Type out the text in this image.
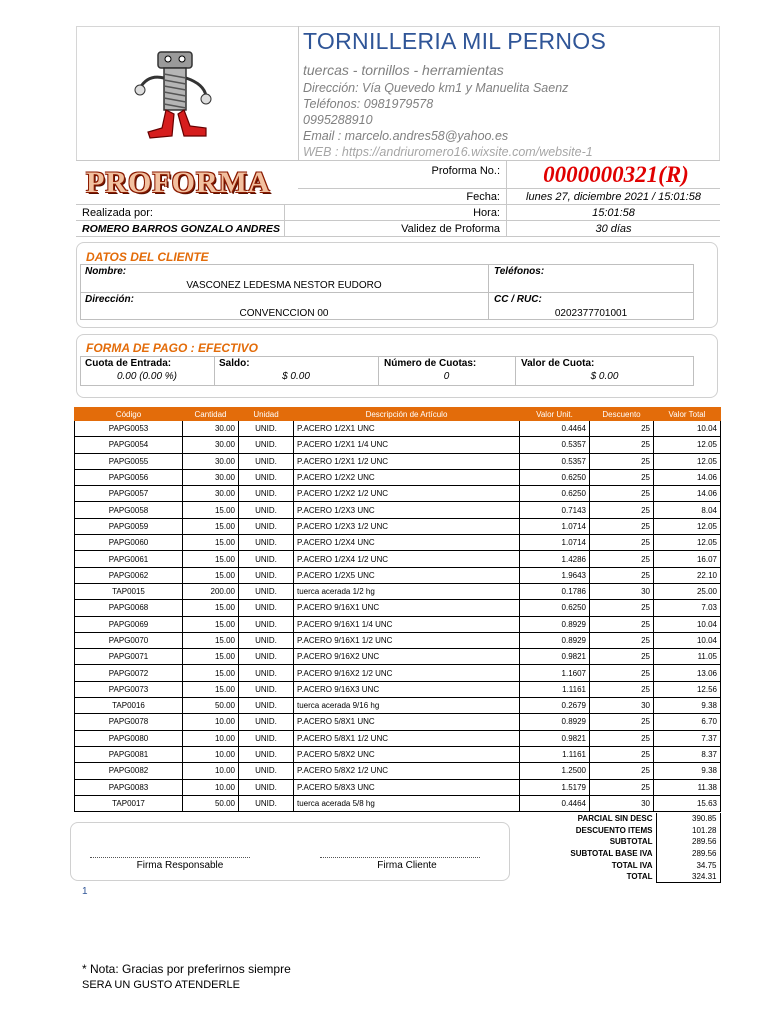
TORNILLERIA MIL PERNOS
tuercas - tornillos - herramientas
Dirección: Vía Quevedo km1 y Manuelita Saenz
Teléfonos: 0981979578
0995288910
Email : marcelo.andres58@yahoo.es
WEB : https://andriuromero16.wixsite.com/website-1
PROFORMA	Proforma No.:	0000000321(R)
Fecha:	lunes 27, diciembre 2021 / 15:01:58
Realizada por:	Hora:	15:01:58
ROMERO BARROS GONZALO ANDRES	Validez de Proforma	30 días
DATOS DEL CLIENTE
Nombre:
VASCONEZ LEDESMA NESTOR EUDORO
Teléfonos:
Dirección:
CONVENCCION 00
CC / RUC:
0202377701001
FORMA DE PAGO : EFECTIVO
Cuota de Entrada:
0.00 (0.00 %)
Saldo:
$ 0.00
Número de Cuotas:
0
Valor de Cuota:
$ 0.00
Código	Cantidad	Unidad	Descripción de Artículo	Valor Unit.	Descuento	Valor Total
PAPG0053	30.00	UNID.	P.ACERO 1/2X1 UNC	0.4464	25	10.04
PAPG0054	30.00	UNID.	P.ACERO 1/2X1 1/4 UNC	0.5357	25	12.05
PAPG0055	30.00	UNID.	P.ACERO 1/2X1 1/2 UNC	0.5357	25	12.05
PAPG0056	30.00	UNID.	P.ACERO 1/2X2 UNC	0.6250	25	14.06
PAPG0057	30.00	UNID.	P.ACERO 1/2X2 1/2 UNC	0.6250	25	14.06
PAPG0058	15.00	UNID.	P.ACERO 1/2X3 UNC	0.7143	25	8.04
PAPG0059	15.00	UNID.	P.ACERO 1/2X3 1/2 UNC	1.0714	25	12.05
PAPG0060	15.00	UNID.	P.ACERO 1/2X4 UNC	1.0714	25	12.05
PAPG0061	15.00	UNID.	P.ACERO 1/2X4 1/2 UNC	1.4286	25	16.07
PAPG0062	15.00	UNID.	P.ACERO 1/2X5 UNC	1.9643	25	22.10
TAP0015	200.00	UNID.	tuerca acerada 1/2 hg	0.1786	30	25.00
PAPG0068	15.00	UNID.	P.ACERO 9/16X1 UNC	0.6250	25	7.03
PAPG0069	15.00	UNID.	P.ACERO 9/16X1 1/4 UNC	0.8929	25	10.04
PAPG0070	15.00	UNID.	P.ACERO 9/16X1 1/2 UNC	0.8929	25	10.04
PAPG0071	15.00	UNID.	P.ACERO 9/16X2 UNC	0.9821	25	11.05
PAPG0072	15.00	UNID.	P.ACERO 9/16X2 1/2 UNC	1.1607	25	13.06
PAPG0073	15.00	UNID.	P.ACERO 9/16X3 UNC	1.1161	25	12.56
TAP0016	50.00	UNID.	tuerca acerada 9/16 hg	0.2679	30	9.38
PAPG0078	10.00	UNID.	P.ACERO 5/8X1 UNC	0.8929	25	6.70
PAPG0080	10.00	UNID.	P.ACERO 5/8X1 1/2 UNC	0.9821	25	7.37
PAPG0081	10.00	UNID.	P.ACERO 5/8X2 UNC	1.1161	25	8.37
PAPG0082	10.00	UNID.	P.ACERO 5/8X2 1/2 UNC	1.2500	25	9.38
PAPG0083	10.00	UNID.	P.ACERO 5/8X3 UNC	1.5179	25	11.38
TAP0017	50.00	UNID.	tuerca acerada 5/8 hg	0.4464	30	15.63
PARCIAL SIN DESC	390.85
DESCUENTO ITEMS	101.28
SUBTOTAL	289.56
SUBTOTAL BASE IVA	289.56
TOTAL IVA	34.75
TOTAL	324.31
Firma Responsable	Firma Cliente
1
* Nota: Gracias por preferirnos siempre
SERA UN GUSTO ATENDERLE
